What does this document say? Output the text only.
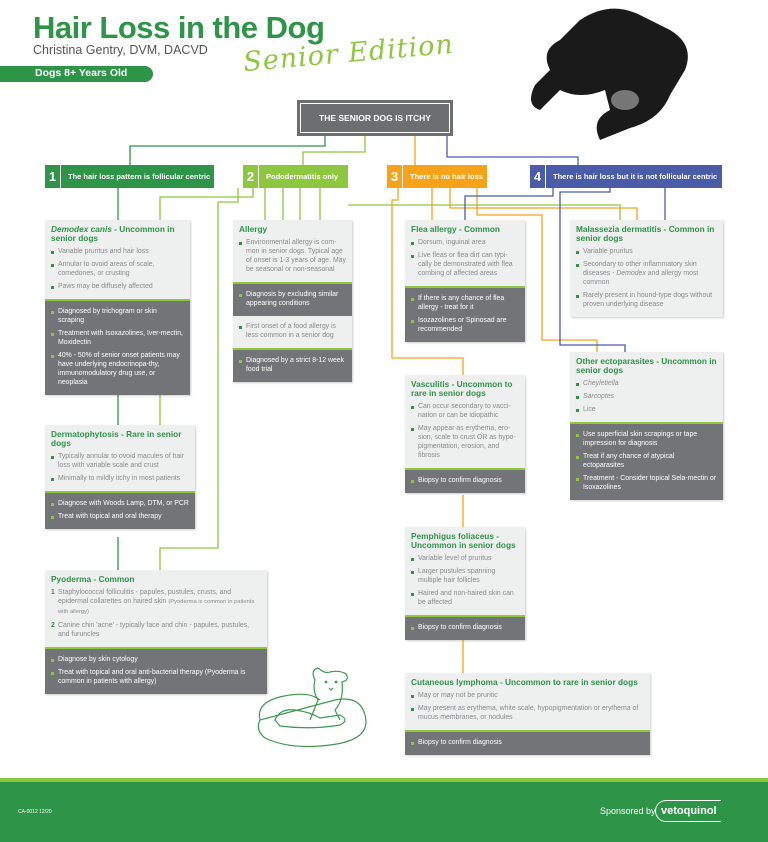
Hair Loss in the Dog
Christina Gentry, DVM, DACVD Senior Edition
Dogs 8+ Years Old
THE SENIOR DOG IS ITCHY
1	The hair loss pattern is follicular centric	2	Pododermatitis only	3	There is no hair loss	4	There is hair loss but it is not follicular centric
Demodex canis - Uncommon in senior dogs
Variable pruritus and hair loss
Annular to ovoid areas of scale, comedones, or crusting
Paws may be diffusely affected
Diagnosed by trichogram or skin scraping
Treatment with Isoxazolines, Iver-mectin, Moxidectin
40% - 50% of senior onset patients may have underlying endocrinopa-thy, immunomodulatory drug use, or neoplasia
Allergy
Environmental allergy is com-mon in senior dogs. Typical age of onset is 1-3 years of age. May be seasonal or non-seasonal
Diagnosis by excluding similar appearing conditions
First onset of a food allergy is less common in a senior dog
Diagnosed by a strict 8-12 week food trial
Flea allergy - Common
Dorsum, inguinal area
Live fleas or flea dirt can typi-cally be demonstrated with flea combing of affected areas
If there is any chance of flea allergy - treat for it
Isozazolines or Spinosad are recommended
Malassezia dermatitis - Common in senior dogs
Variable pruritus
Secondary to other inflammatory skin diseases - Demodex and allergy most common
Rarely present in hound-type dogs without proven underlying disease
Other ectoparasites - Uncommon in senior dogs
Cheyletiella
Sarcoptes
Lice
Use superficial skin scrapings or tape impression for diagnosis
Treat if any chance of atypical ectoparasites
Treatment - Consider topical Sela-mectin or Isoxazolines
Vasculitis - Uncommon to rare in senior dogs
Can occur secondary to vacci-nation or can be idiopathic
May appear as erythema, ero-sion, scale to crust OR as hypo-pigmentation, erosion, and fibrosis
Biopsy to confirm diagnosis
Dermatophytosis - Rare in senior dogs
Typically annular to ovoid macules of hair loss with variable scale and crust
Minimally to mildly itchy in most patients
Diagnose with Woods Lamp, DTM, or PCR
Treat with topical and oral therapy
Pemphigus foliaceus - Uncommon in senior dogs
Variable level of pruritus
Larger pustules spanning multiple hair follicles
Haired and non-haired skin can be affected
Biopsy to confirm diagnosis
Pyoderma - Common
1 Staphylococcal folliculitis - papules, pustules, crusts, and epidermal collarettes on haired skin (Pyoderma is common in patients with allergy)
2 Canine chin 'acne' - typically face and chin - papules, pustules, and furuncles
Diagnose by skin cytology
Treat with topical and oral anti-bacterial therapy (Pyoderma is common in patients with allergy)	Cutaneous lymphoma - Uncommon to rare in senior dogs
May or may not be pruritic
May present as erythema, white scale, hypopigmentation or erythema of mucus membranes, or nodules
Biopsy to confirm diagnosis
CA-0012 12/20	Sponsored by vetoquinol
